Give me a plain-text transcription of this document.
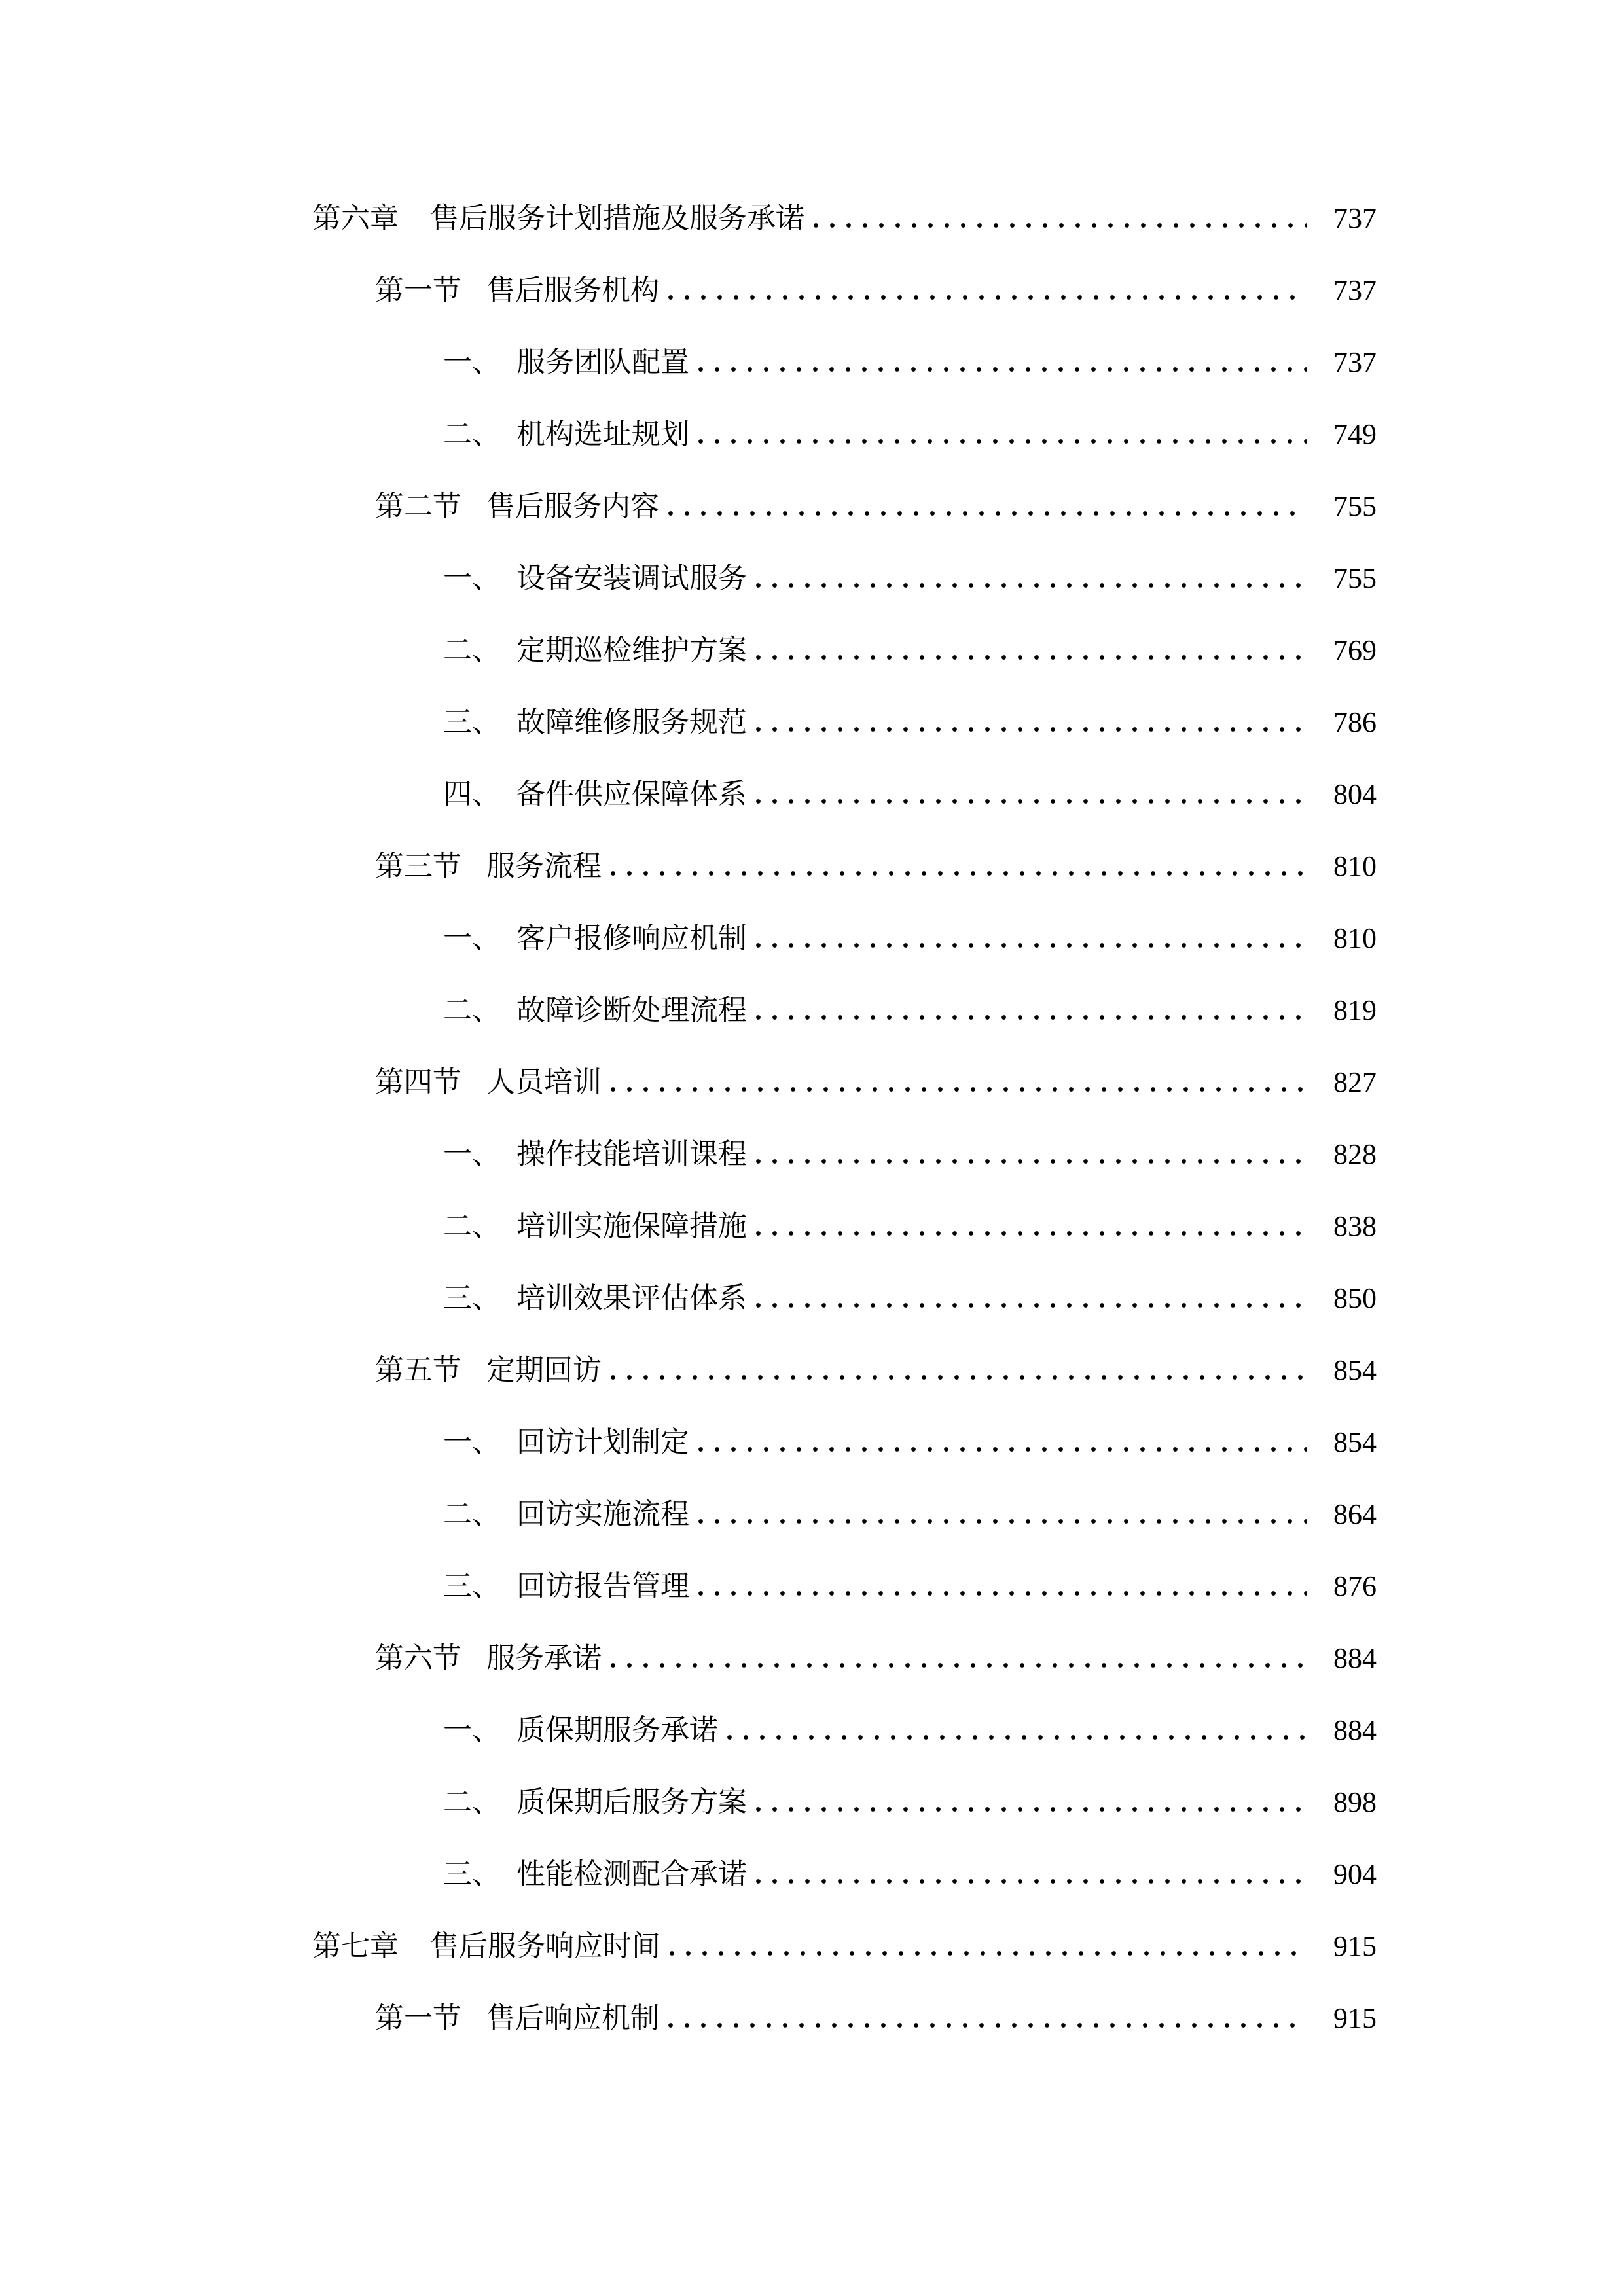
第六章 售后服务计划措施及服务承诺	737
第一节 售后服务机构	737
一、 服务团队配置	737
二、 机构选址规划	749
第二节 售后服务内容	755
一、 设备安装调试服务	755
二、 定期巡检维护方案	769
三、 故障维修服务规范	786
四、 备件供应保障体系	804
第三节 服务流程	810
一、 客户报修响应机制	810
二、 故障诊断处理流程	819
第四节 人员培训	827
一、 操作技能培训课程	828
二、 培训实施保障措施	838
三、 培训效果评估体系	850
第五节 定期回访	854
一、 回访计划制定	854
二、 回访实施流程	864
三、 回访报告管理	876
第六节 服务承诺	884
一、 质保期服务承诺	884
二、 质保期后服务方案	898
三、 性能检测配合承诺	904
第七章 售后服务响应时间	915
第一节 售后响应机制	915
